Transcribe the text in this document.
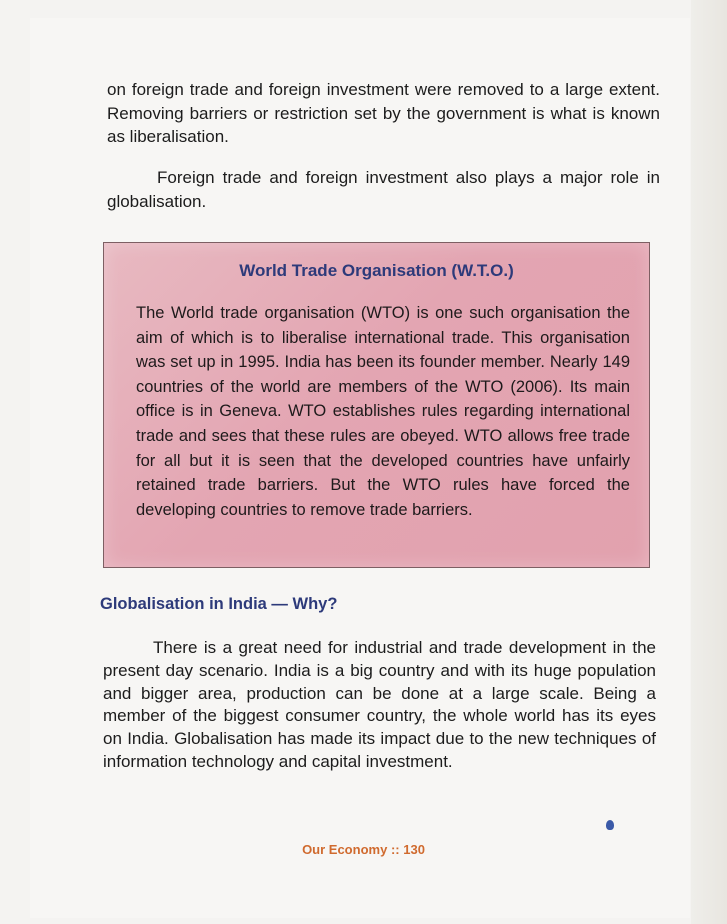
on foreign trade and foreign investment were removed to a large extent. Removing barriers or restriction set by the government is what is known as liberalisation.

Foreign trade and foreign investment also plays a major role in globalisation.

World Trade Organisation (W.T.O.)

The World trade organisation (WTO) is one such organisation the aim of which is to liberalise international trade. This organisation was set up in 1995. India has been its founder member. Nearly 149 countries of the world are members of the WTO (2006). Its main office is in Geneva. WTO establishes rules regarding international trade and sees that these rules are obeyed. WTO allows free trade for all but it is seen that the developed countries have unfairly retained trade barriers. But the WTO rules have forced the developing countries to remove trade barriers.

Globalisation in India — Why?

There is a great need for industrial and trade development in the present day scenario. India is a big country and with its huge population and bigger area, production can be done at a large scale. Being a member of the biggest consumer country, the whole world has its eyes on India. Globalisation has made its impact due to the new techniques of information technology and capital investment.

Our Economy :: 130
